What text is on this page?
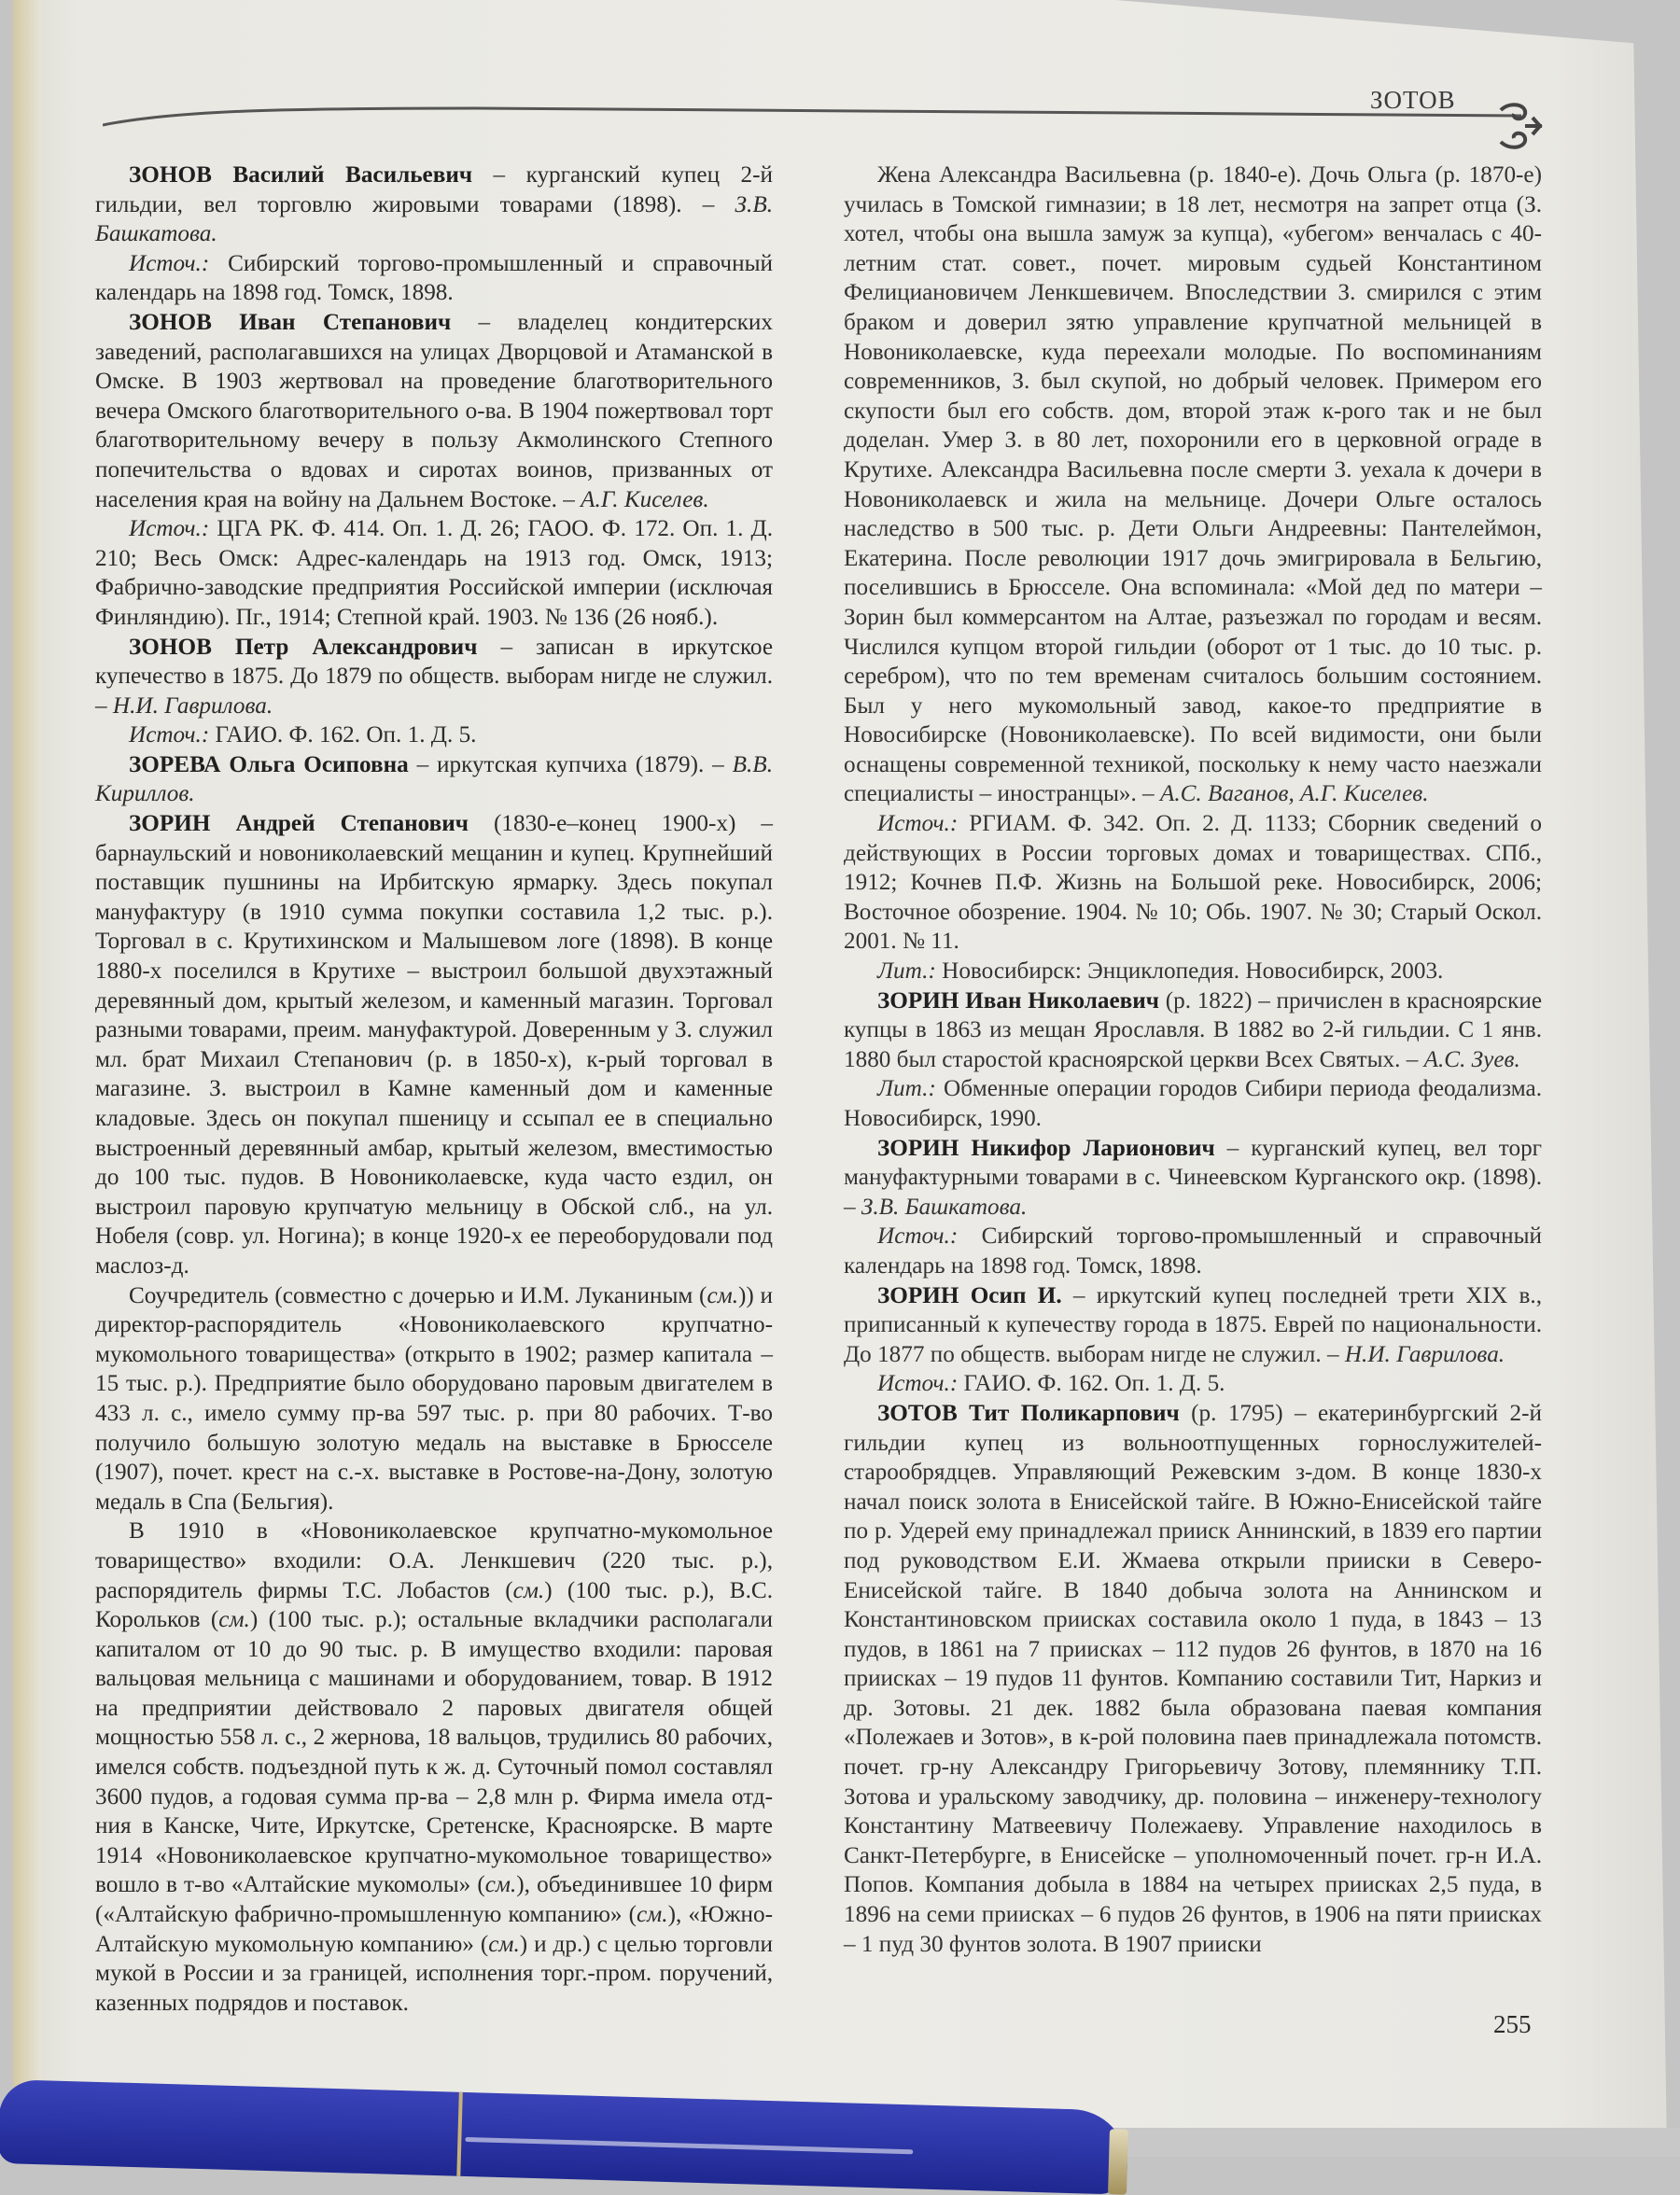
ЗОТОВ

ЗОНОВ Василий Васильевич – курганский купец 2-й гильдии, вел торговлю жировыми товарами (1898). – З.В. Башкатова.

Источ.: Сибирский торгово-промышленный и справочный календарь на 1898 год. Томск, 1898.

ЗОНОВ Иван Степанович – владелец кондитерских заведений, располагавшихся на улицах Дворцовой и Атаманской в Омске. В 1903 жертвовал на проведение благотворительного вечера Омского благотворительного о-ва. В 1904 пожертвовал торт благотворительному вечеру в пользу Акмолинского Степного попечительства о вдовах и сиротах воинов, призванных от населения края на войну на Дальнем Востоке. – А.Г. Киселев.

Источ.: ЦГА РК. Ф. 414. Оп. 1. Д. 26; ГАОО. Ф. 172. Оп. 1. Д. 210; Весь Омск: Адрес-календарь на 1913 год. Омск, 1913; Фабрично-заводские предприятия Российской империи (исключая Финляндию). Пг., 1914; Степной край. 1903. № 136 (26 нояб.).

ЗОНОВ Петр Александрович – записан в иркутское купечество в 1875. До 1879 по обществ. выборам нигде не служил. – Н.И. Гаврилова.

Источ.: ГАИО. Ф. 162. Оп. 1. Д. 5.

ЗОРЕВА Ольга Осиповна – иркутская купчиха (1879). – В.В. Кириллов.

ЗОРИН Андрей Степанович (1830-е–конец 1900-х) – барнаульский и новониколаевский мещанин и купец. Крупнейший поставщик пушнины на Ирбитскую ярмарку. Здесь покупал мануфактуру (в 1910 сумма покупки составила 1,2 тыс. р.). Торговал в с. Крутихинском и Малышевом логе (1898). В конце 1880-х поселился в Крутихе – выстроил большой двухэтажный деревянный дом, крытый железом, и каменный магазин. Торговал разными товарами, преим. мануфактурой. Доверенным у З. служил мл. брат Михаил Степанович (р. в 1850-х), к-рый торговал в магазине. З. выстроил в Камне каменный дом и каменные кладовые. Здесь он покупал пшеницу и ссыпал ее в специально выстроенный деревянный амбар, крытый железом, вместимостью до 100 тыс. пудов. В Новониколаевске, куда часто ездил, он выстроил паровую крупчатую мельницу в Обской слб., на ул. Нобеля (совр. ул. Ногина); в конце 1920-х ее переоборудовали под маслоз-д.

Соучредитель (совместно с дочерью и И.М. Луканиным (см.)) и директор-распорядитель «Новониколаевского крупчатно-мукомольного товарищества» (открыто в 1902; размер капитала – 15 тыс. р.). Предприятие было оборудовано паровым двигателем в 433 л. с., имело сумму пр-ва 597 тыс. р. при 80 рабочих. Т-во получило большую золотую медаль на выставке в Брюсселе (1907), почет. крест на с.-х. выставке в Ростове-на-Дону, золотую медаль в Спа (Бельгия).

В 1910 в «Новониколаевское крупчатно-мукомольное товарищество» входили: О.А. Ленкшевич (220 тыс. р.), распорядитель фирмы Т.С. Лобастов (см.) (100 тыс. р.), В.С. Корольков (см.) (100 тыс. р.); остальные вкладчики располагали капиталом от 10 до 90 тыс. р. В имущество входили: паровая вальцовая мельница с машинами и оборудованием, товар. В 1912 на предприятии действовало 2 паровых двигателя общей мощностью 558 л. с., 2 жернова, 18 вальцов, трудились 80 рабочих, имелся собств. подъездной путь к ж. д. Суточный помол составлял 3600 пудов, а годовая сумма пр-ва – 2,8 млн р. Фирма имела отд-ния в Канске, Чите, Иркутске, Сретенске, Красноярске. В марте 1914 «Новониколаевское крупчатно-мукомольное товарищество» вошло в т-во «Алтайские мукомолы» (см.), объединившее 10 фирм («Алтайскую фабрично-промышленную компанию» (см.), «Южно-Алтайскую мукомольную компанию» (см.) и др.) с целью торговли мукой в России и за границей, исполнения торг.-пром. поручений, казенных подрядов и поставок.

Жена Александра Васильевна (р. 1840-е). Дочь Ольга (р. 1870-е) училась в Томской гимназии; в 18 лет, несмотря на запрет отца (З. хотел, чтобы она вышла замуж за купца), «убегом» венчалась с 40-летним стат. совет., почет. мировым судьей Константином Фелициановичем Ленкшевичем. Впоследствии З. смирился с этим браком и доверил зятю управление крупчатной мельницей в Новониколаевске, куда переехали молодые. По воспоминаниям современников, З. был скупой, но добрый человек. Примером его скупости был его собств. дом, второй этаж к-рого так и не был доделан. Умер З. в 80 лет, похоронили его в церковной ограде в Крутихе. Александра Васильевна после смерти З. уехала к дочери в Новониколаевск и жила на мельнице. Дочери Ольге осталось наследство в 500 тыс. р. Дети Ольги Андреевны: Пантелеймон, Екатерина. После революции 1917 дочь эмигрировала в Бельгию, поселившись в Брюсселе. Она вспоминала: «Мой дед по матери – Зорин был коммерсантом на Алтае, разъезжал по городам и весям. Числился купцом второй гильдии (оборот от 1 тыс. до 10 тыс. р. серебром), что по тем временам считалось большим состоянием. Был у него мукомольный завод, какое-то предприятие в Новосибирске (Новониколаевске). По всей видимости, они были оснащены современной техникой, поскольку к нему часто наезжали специалисты – иностранцы». – А.С. Ваганов, А.Г. Киселев.

Источ.: РГИАМ. Ф. 342. Оп. 2. Д. 1133; Сборник сведений о действующих в России торговых домах и товариществах. СПб., 1912; Кочнев П.Ф. Жизнь на Большой реке. Новосибирск, 2006; Восточное обозрение. 1904. № 10; Обь. 1907. № 30; Старый Оскол. 2001. № 11.

Лит.: Новосибирск: Энциклопедия. Новосибирск, 2003.

ЗОРИН Иван Николаевич (р. 1822) – причислен в красноярские купцы в 1863 из мещан Ярославля. В 1882 во 2-й гильдии. С 1 янв. 1880 был старостой красноярской церкви Всех Святых. – А.С. Зуев.

Лит.: Обменные операции городов Сибири периода феодализма. Новосибирск, 1990.

ЗОРИН Никифор Ларионович – курганский купец, вел торг мануфактурными товарами в с. Чинеевском Курганского окр. (1898). – З.В. Башкатова.

Источ.: Сибирский торгово-промышленный и справочный календарь на 1898 год. Томск, 1898.

ЗОРИН Осип И. – иркутский купец последней трети XIX в., приписанный к купечеству города в 1875. Еврей по национальности. До 1877 по обществ. выборам нигде не служил. – Н.И. Гаврилова.

Источ.: ГАИО. Ф. 162. Оп. 1. Д. 5.

ЗОТОВ Тит Поликарпович (р. 1795) – екатеринбургский 2-й гильдии купец из вольноотпущенных горнослужителей-старообрядцев. Управляющий Режевским з-дом. В конце 1830-х начал поиск золота в Енисейской тайге. В Южно-Енисейской тайге по р. Удерей ему принадлежал прииск Аннинский, в 1839 его партии под руководством Е.И. Жмаева открыли прииски в Северо-Енисейской тайге. В 1840 добыча золота на Аннинском и Константиновском приисках составила около 1 пуда, в 1843 – 13 пудов, в 1861 на 7 приисках – 112 пудов 26 фунтов, в 1870 на 16 приисках – 19 пудов 11 фунтов. Компанию составили Тит, Наркиз и др. Зотовы. 21 дек. 1882 была образована паевая компания «Полежаев и Зотов», в к-рой половина паев принадлежала потомств. почет. гр-ну Александру Григорьевичу Зотову, племяннику Т.П. Зотова и уральскому заводчику, др. половина – инженеру-технологу Константину Матвеевичу Полежаеву. Управление находилось в Санкт-Петербурге, в Енисейске – уполномоченный почет. гр-н И.А. Попов. Компания добыла в 1884 на четырех приисках 2,5 пуда, в 1896 на семи приисках – 6 пудов 26 фунтов, в 1906 на пяти приисках – 1 пуд 30 фунтов золота. В 1907 прииски

255
